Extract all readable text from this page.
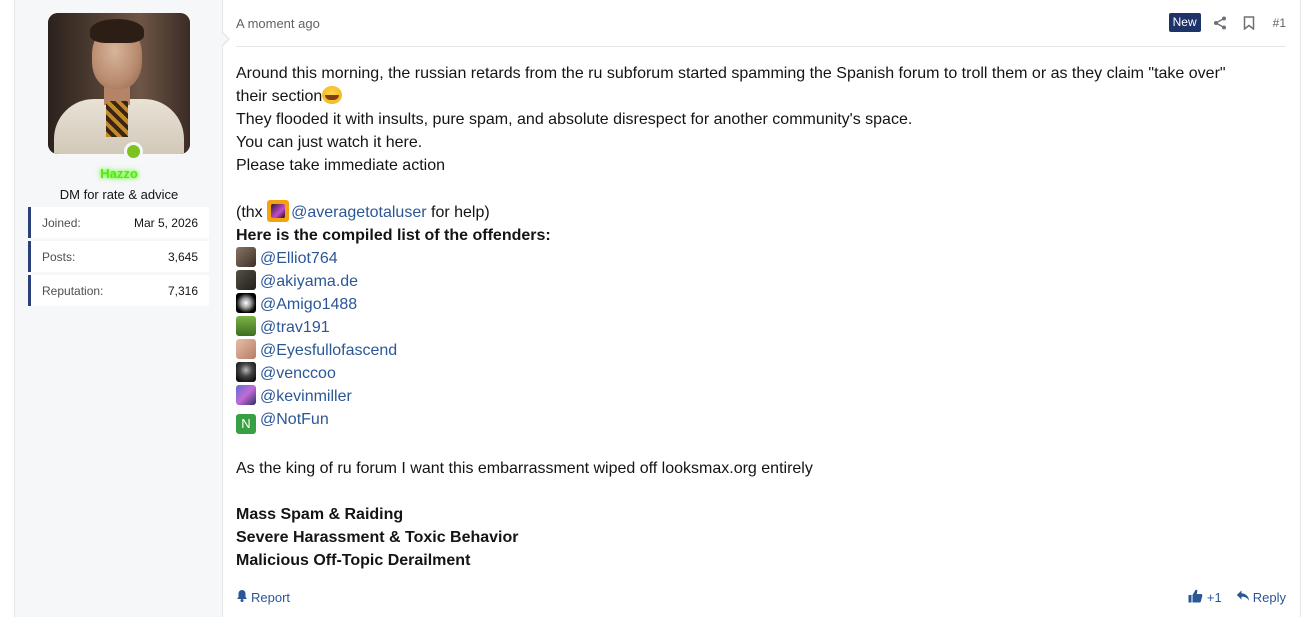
Hazzo
DM for rate & advice
Joined:	Mar 5, 2026
Posts:	3,645
Reputation:	7,316
A moment ago	New	#1

Around this morning, the russian retards from the ru subforum started spamming the Spanish forum to troll them or as they claim "take over"

their section

They flooded it with insults, pure spam, and absolute disrespect for another community's space.

You can just watch it here.

Please take immediate action

(thx @averagetotaluser for help)

Here is the compiled list of the offenders:

@Elliot764

@akiyama.de

@Amigo1488

@trav191

@Eyesfullofascend

@venccoo

@kevinmiller

N @NotFun

As the king of ru forum I want this embarrassment wiped off looksmax.org entirely

Mass Spam & Raiding

Severe Harassment & Toxic Behavior

Malicious Off-Topic Derailment

Report	+1 Reply
